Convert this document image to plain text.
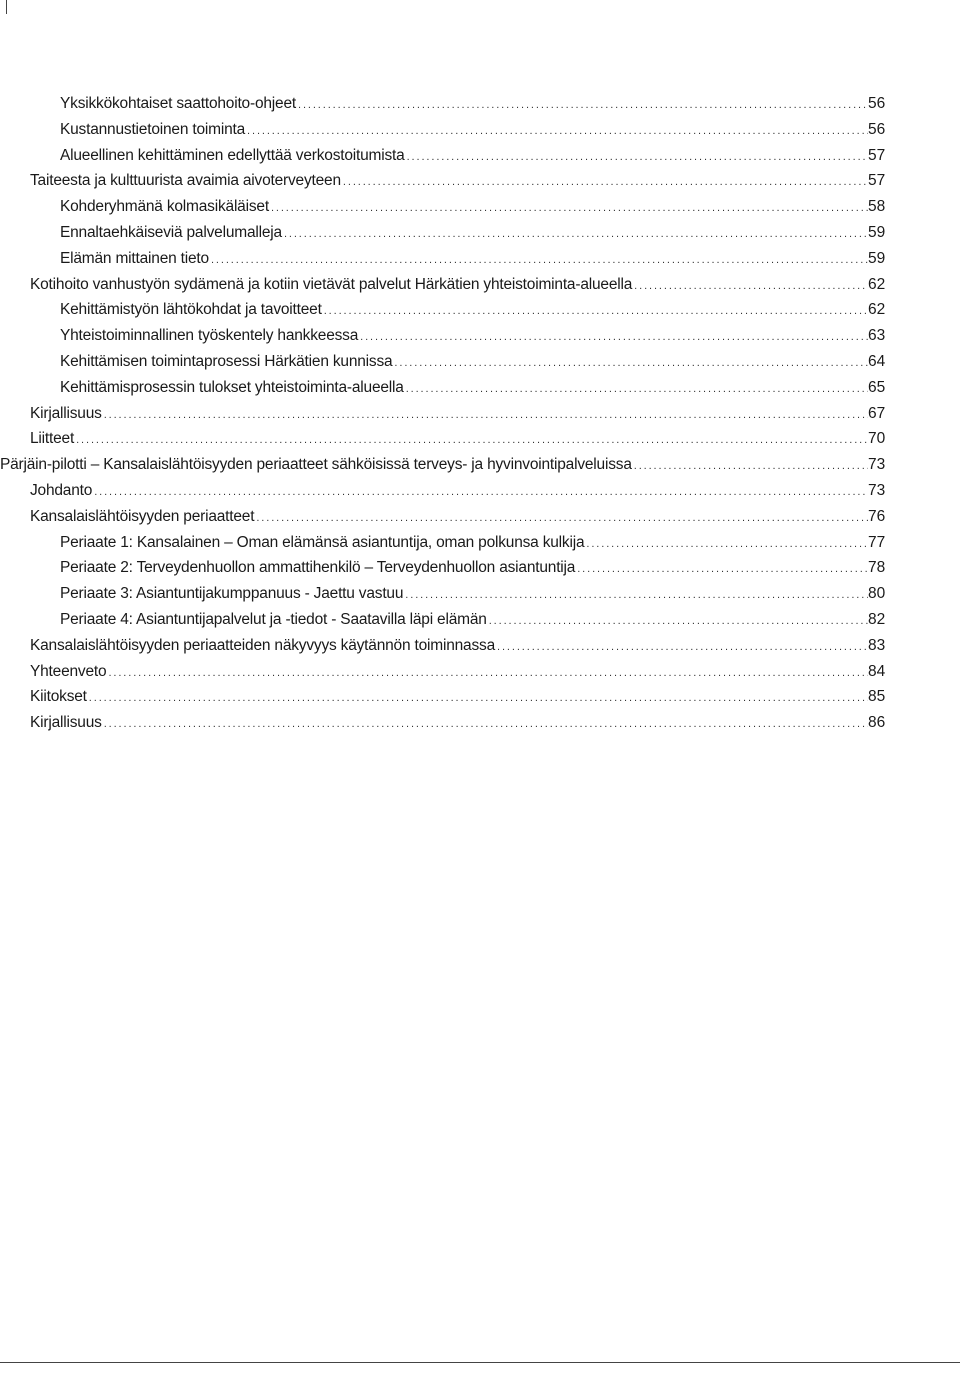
Yksikkökohtaiset saattohoito-ohjeet .....	56
Kustannustietoinen toiminta .....	56
Alueellinen kehittäminen edellyttää verkostoitumista .....	57
Taiteesta ja kulttuurista avaimia aivoterveyteen .....	57
Kohderyhmänä kolmasikäläiset .....	58
Ennaltaehkäiseviä palvelumalleja .....	59
Elämän mittainen tieto .....	59
Kotihoito vanhustyön sydämenä ja kotiin vietävät palvelut Härkätien yhteistoiminta-alueella .....	62
Kehittämistyön lähtökohdat ja tavoitteet .....	62
Yhteistoiminnallinen työskentely hankkeessa .....	63
Kehittämisen toimintaprosessi Härkätien kunnissa .....	64
Kehittämisprosessin tulokset yhteistoiminta-alueella .....	65
Kirjallisuus .....	67
Liitteet .....	70
Pärjäin-pilotti – Kansalaislähtöisyyden periaatteet sähköisissä terveys- ja hyvinvointipalveluissa .....	73
Johdanto .....	73
Kansalaislähtöisyyden periaatteet .....	76
Periaate 1: Kansalainen – Oman elämänsä asiantuntija, oman polkunsa kulkija .....	77
Periaate 2: Terveydenhuollon ammattihenkilö – Terveydenhuollon asiantuntija .....	78
Periaate 3: Asiantuntijakumppanuus - Jaettu vastuu .....	80
Periaate 4: Asiantuntijapalvelut ja -tiedot - Saatavilla läpi elämän .....	82
Kansalaislähtöisyyden periaatteiden näkyvyys käytännön toiminnassa .....	83
Yhteenveto .....	84
Kiitokset .....	85
Kirjallisuus .....	86
